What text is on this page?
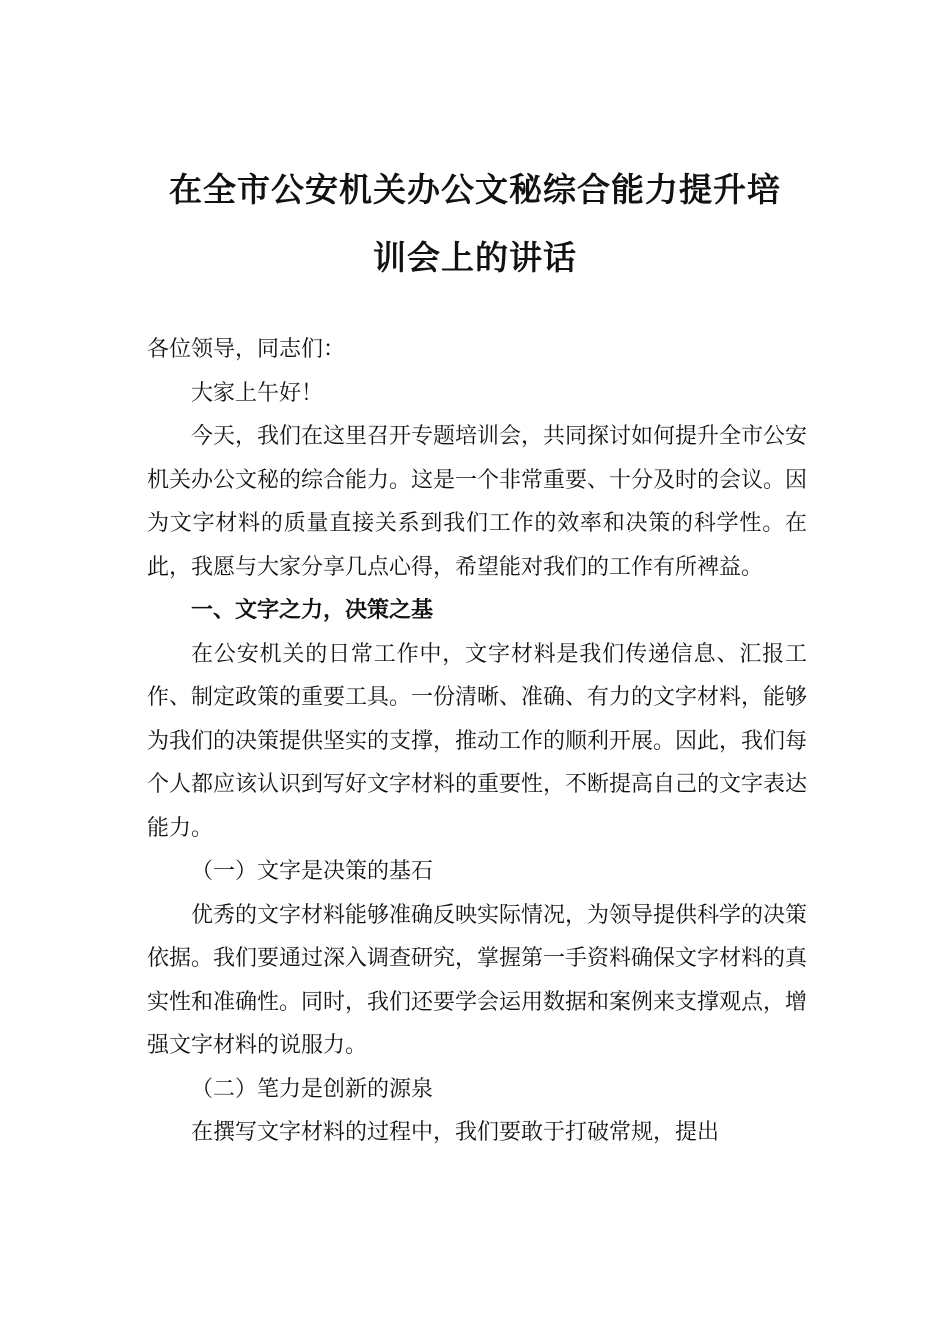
在全市公安机关办公文秘综合能力提升培
训会上的讲话

各位领导，同志们：

大家上午好！

今天，我们在这里召开专题培训会，共同探讨如何提升全市公安机关办公文秘的综合能力。这是一个非常重要、十分及时的会议。因为文字材料的质量直接关系到我们工作的效率和决策的科学性。在此，我愿与大家分享几点心得，希望能对我们的工作有所裨益。

一、文字之力，决策之基

在公安机关的日常工作中，文字材料是我们传递信息、汇报工作、制定政策的重要工具。一份清晰、准确、有力的文字材料，能够为我们的决策提供坚实的支撑，推动工作的顺利开展。因此，我们每个人都应该认识到写好文字材料的重要性，不断提高自己的文字表达能力。

（一）文字是决策的基石

优秀的文字材料能够准确反映实际情况，为领导提供科学的决策依据。我们要通过深入调查研究，掌握第一手资料确保文字材料的真实性和准确性。同时，我们还要学会运用数据和案例来支撑观点，增强文字材料的说服力。

（二）笔力是创新的源泉

在撰写文字材料的过程中，我们要敢于打破常规，提出
